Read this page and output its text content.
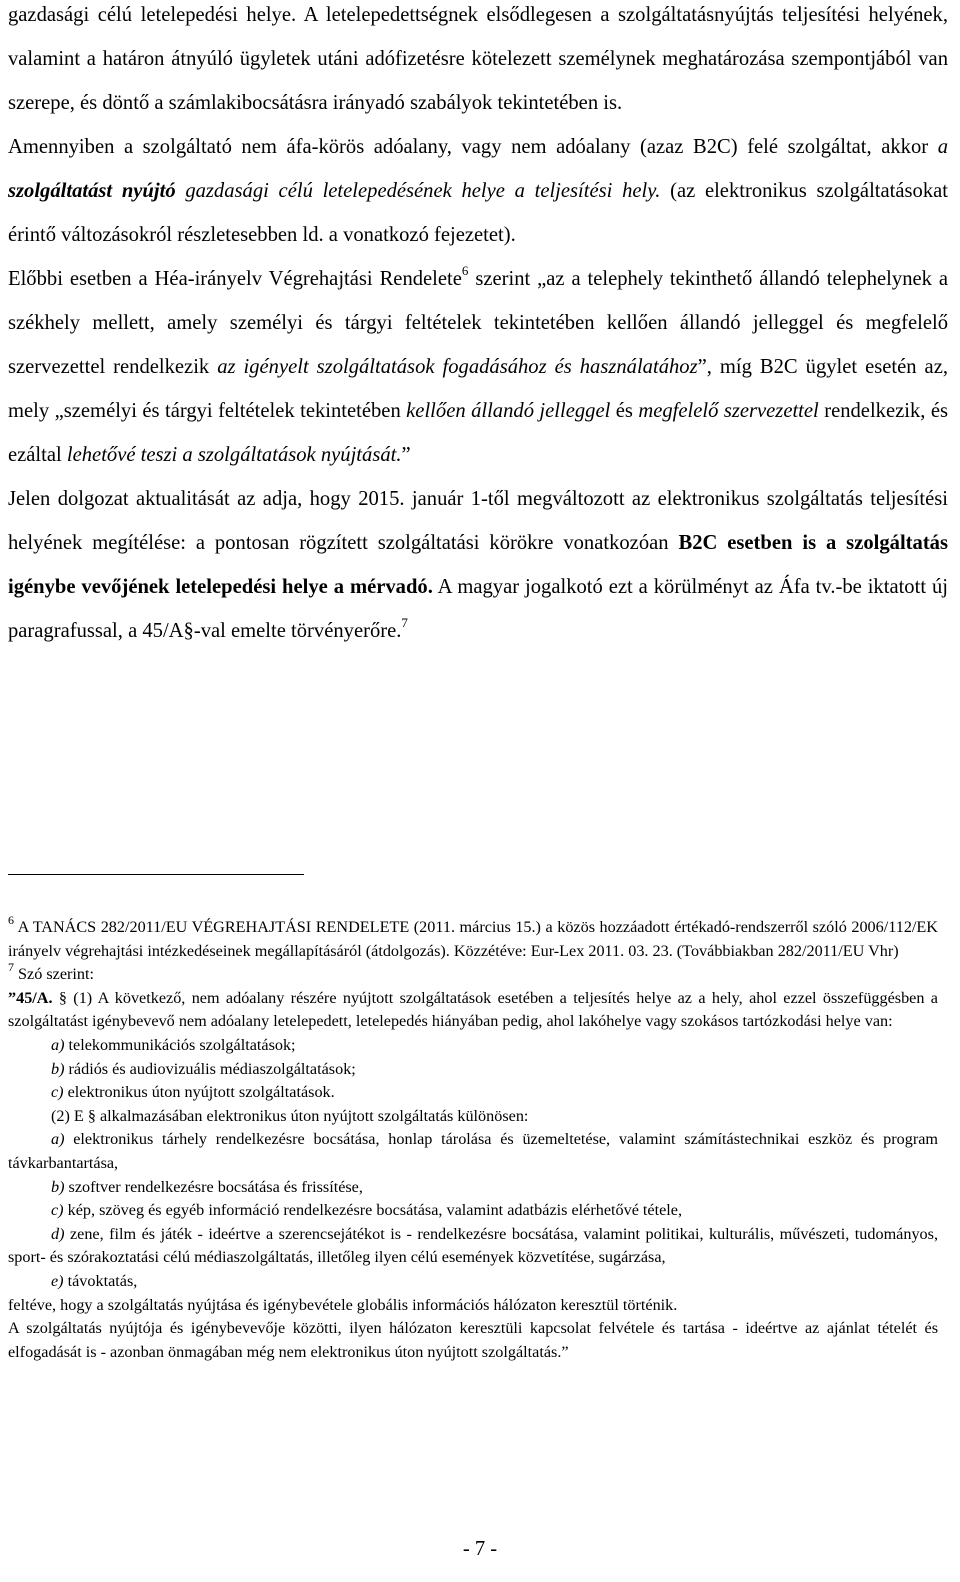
gazdasági célú letelepedési helye. A letelepedettségnek elsődlegesen a szolgáltatásnyújtás teljesítési helyének, valamint a határon átnyúló ügyletek utáni adófizetésre kötelezett személynek meghatározása szempontjából van szerepe, és döntő a számlakibocsátásra irányadó szabályok tekintetében is.

Amennyiben a szolgáltató nem áfa-körös adóalany, vagy nem adóalany (azaz B2C) felé szolgáltat, akkor a szolgáltatást nyújtó gazdasági célú letelepedésének helye a teljesítési hely. (az elektronikus szolgáltatásokat érintő változásokról részletesebben ld. a vonatkozó fejezetet).

Előbbi esetben a Héa-irányelv Végrehajtási Rendelete$^6$ szerint „az a telephely tekinthető állandó telephelynek a székhely mellett, amely személyi és tárgyi feltételek tekintetében kellően állandó jelleggel és megfelelő szervezettel rendelkezik az igényelt szolgáltatások fogadásához és használatához”, míg B2C ügylet esetén az, mely „személyi és tárgyi feltételek tekintetében kellően állandó jelleggel és megfelelő szervezettel rendelkezik, és ezáltal lehetővé teszi a szolgáltatások nyújtását.”

Jelen dolgozat aktualitását az adja, hogy 2015. január 1-től megváltozott az elektronikus szolgáltatás teljesítési helyének megítélése: a pontosan rögzített szolgáltatási körökre vonatkozóan B2C esetben is a szolgáltatás igénybe vevőjének letelepedési helye a mérvadó. A magyar jogalkotó ezt a körülményt az Áfa tv.-be iktatott új paragrafussal, a 45/A§-val emelte törvényerőre.$^7$

$^6$ A TANÁCS 282/2011/EU VÉGREHAJTÁSI RENDELETE (2011. március 15.) a közös hozzáadott értékadó-rendszerről szóló 2006/112/EK irányelv végrehajtási intézkedéseinek megállapításáról (átdolgozás). Közzétéve: Eur-Lex 2011. 03. 23. (Továbbiakban 282/2011/EU Vhr)

$^7$ Szó szerint:

”45/A. § (1) A következő, nem adóalany részére nyújtott szolgáltatások esetében a teljesítés helye az a hely, ahol ezzel összefüggésben a szolgáltatást igénybevevő nem adóalany letelepedett, letelepedés hiányában pedig, ahol lakóhelye vagy szokásos tartózkodási helye van:

a) telekommunikációs szolgáltatások;

b) rádiós és audiovizuális médiaszolgáltatások;

c) elektronikus úton nyújtott szolgáltatások.

(2) E § alkalmazásában elektronikus úton nyújtott szolgáltatás különösen:

a) elektronikus tárhely rendelkezésre bocsátása, honlap tárolása és üzemeltetése, valamint számítástechnikai eszköz és program távkarbantartása,

b) szoftver rendelkezésre bocsátása és frissítése,

c) kép, szöveg és egyéb információ rendelkezésre bocsátása, valamint adatbázis elérhetővé tétele,

d) zene, film és játék - ideértve a szerencsejátékot is - rendelkezésre bocsátása, valamint politikai, kulturális, művészeti, tudományos, sport- és szórakoztatási célú médiaszolgáltatás, illetőleg ilyen célú események közvetítése, sugárzása,

e) távoktatás,

feltéve, hogy a szolgáltatás nyújtása és igénybevétele globális információs hálózaton keresztül történik.

A szolgáltatás nyújtója és igénybevevője közötti, ilyen hálózaton keresztüli kapcsolat felvétele és tartása - ideértve az ajánlat tételét és elfogadását is - azonban önmagában még nem elektronikus úton nyújtott szolgáltatás.”

- 7 -
